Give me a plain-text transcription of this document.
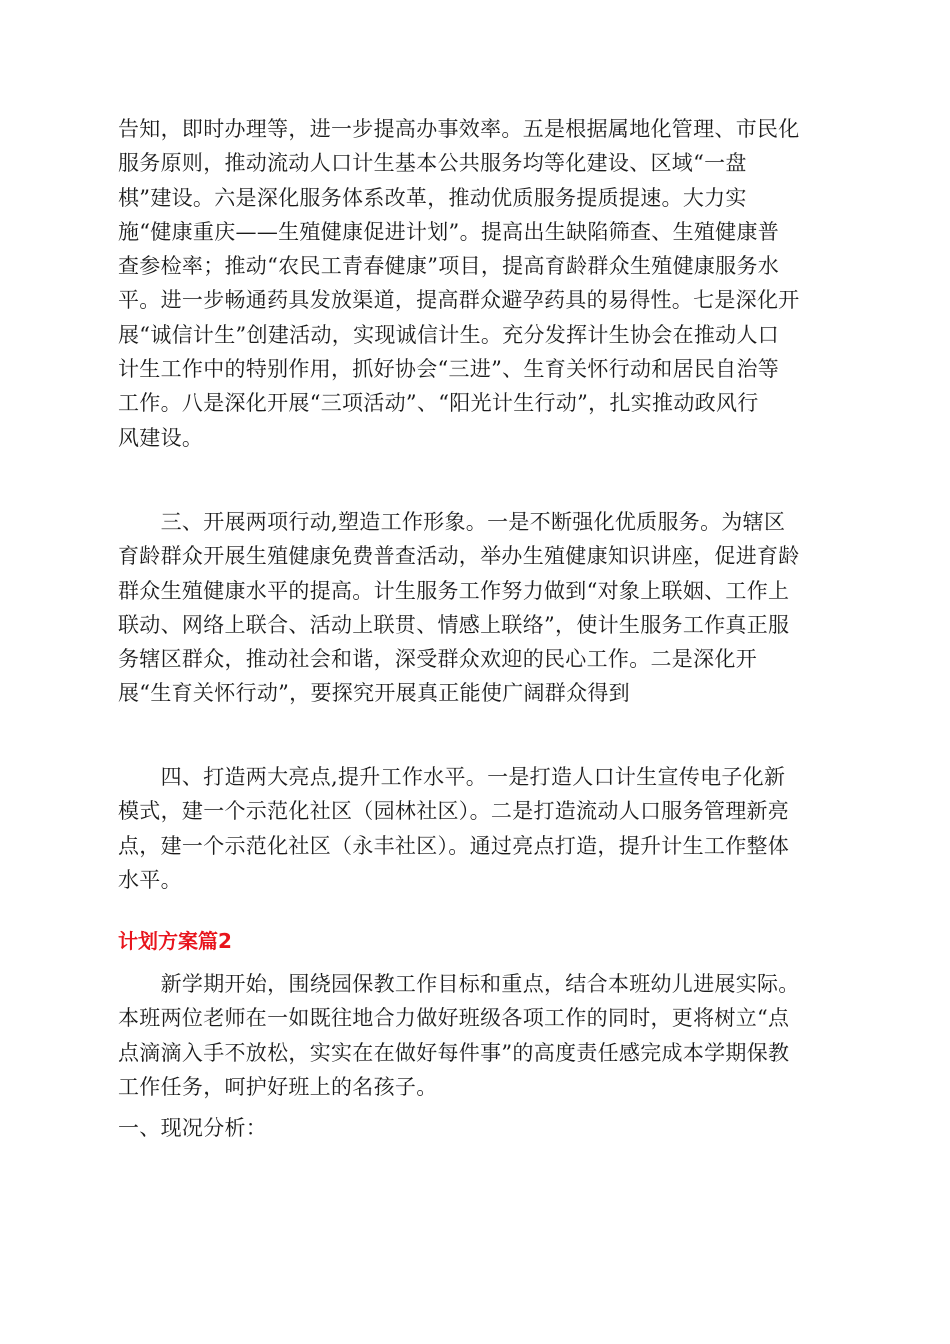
告知，即时办理等，进一步提高办事效率。五是根据属地化管理、市民化
服务原则，推动流动人口计生基本公共服务均等化建设、区域“一盘
棋”建设。六是深化服务体系改革，推动优质服务提质提速。大力实
施“健康重庆——生殖健康促进计划”。提高出生缺陷筛查、生殖健康普
查参检率；推动“农民工青春健康”项目，提高育龄群众生殖健康服务水
平。进一步畅通药具发放渠道，提高群众避孕药具的易得性。七是深化开
展“诚信计生”创建活动，实现诚信计生。充分发挥计生协会在推动人口
计生工作中的特别作用，抓好协会“三进”、生育关怀行动和居民自治等
工作。八是深化开展“三项活动”、“阳光计生行动”，扎实推动政风行
风建设。

　　三、开展两项行动,塑造工作形象。一是不断强化优质服务。为辖区
育龄群众开展生殖健康免费普查活动，举办生殖健康知识讲座，促进育龄
群众生殖健康水平的提高。计生服务工作努力做到“对象上联姻、工作上
联动、网络上联合、活动上联贯、情感上联络”，使计生服务工作真正服
务辖区群众，推动社会和谐，深受群众欢迎的民心工作。二是深化开
展“生育关怀行动”，要探究开展真正能使广阔群众得到

　　四、打造两大亮点,提升工作水平。一是打造人口计生宣传电子化新
模式，建一个示范化社区（园林社区）。二是打造流动人口服务管理新亮
点，建一个示范化社区（永丰社区）。通过亮点打造，提升计生工作整体
水平。

计划方案篇2

　　新学期开始，围绕园保教工作目标和重点，结合本班幼儿进展实际。
本班两位老师在一如既往地合力做好班级各项工作的同时，更将树立“点
点滴滴入手不放松，实实在在做好每件事”的高度责任感完成本学期保教
工作任务，呵护好班上的名孩子。

一、现况分析：
